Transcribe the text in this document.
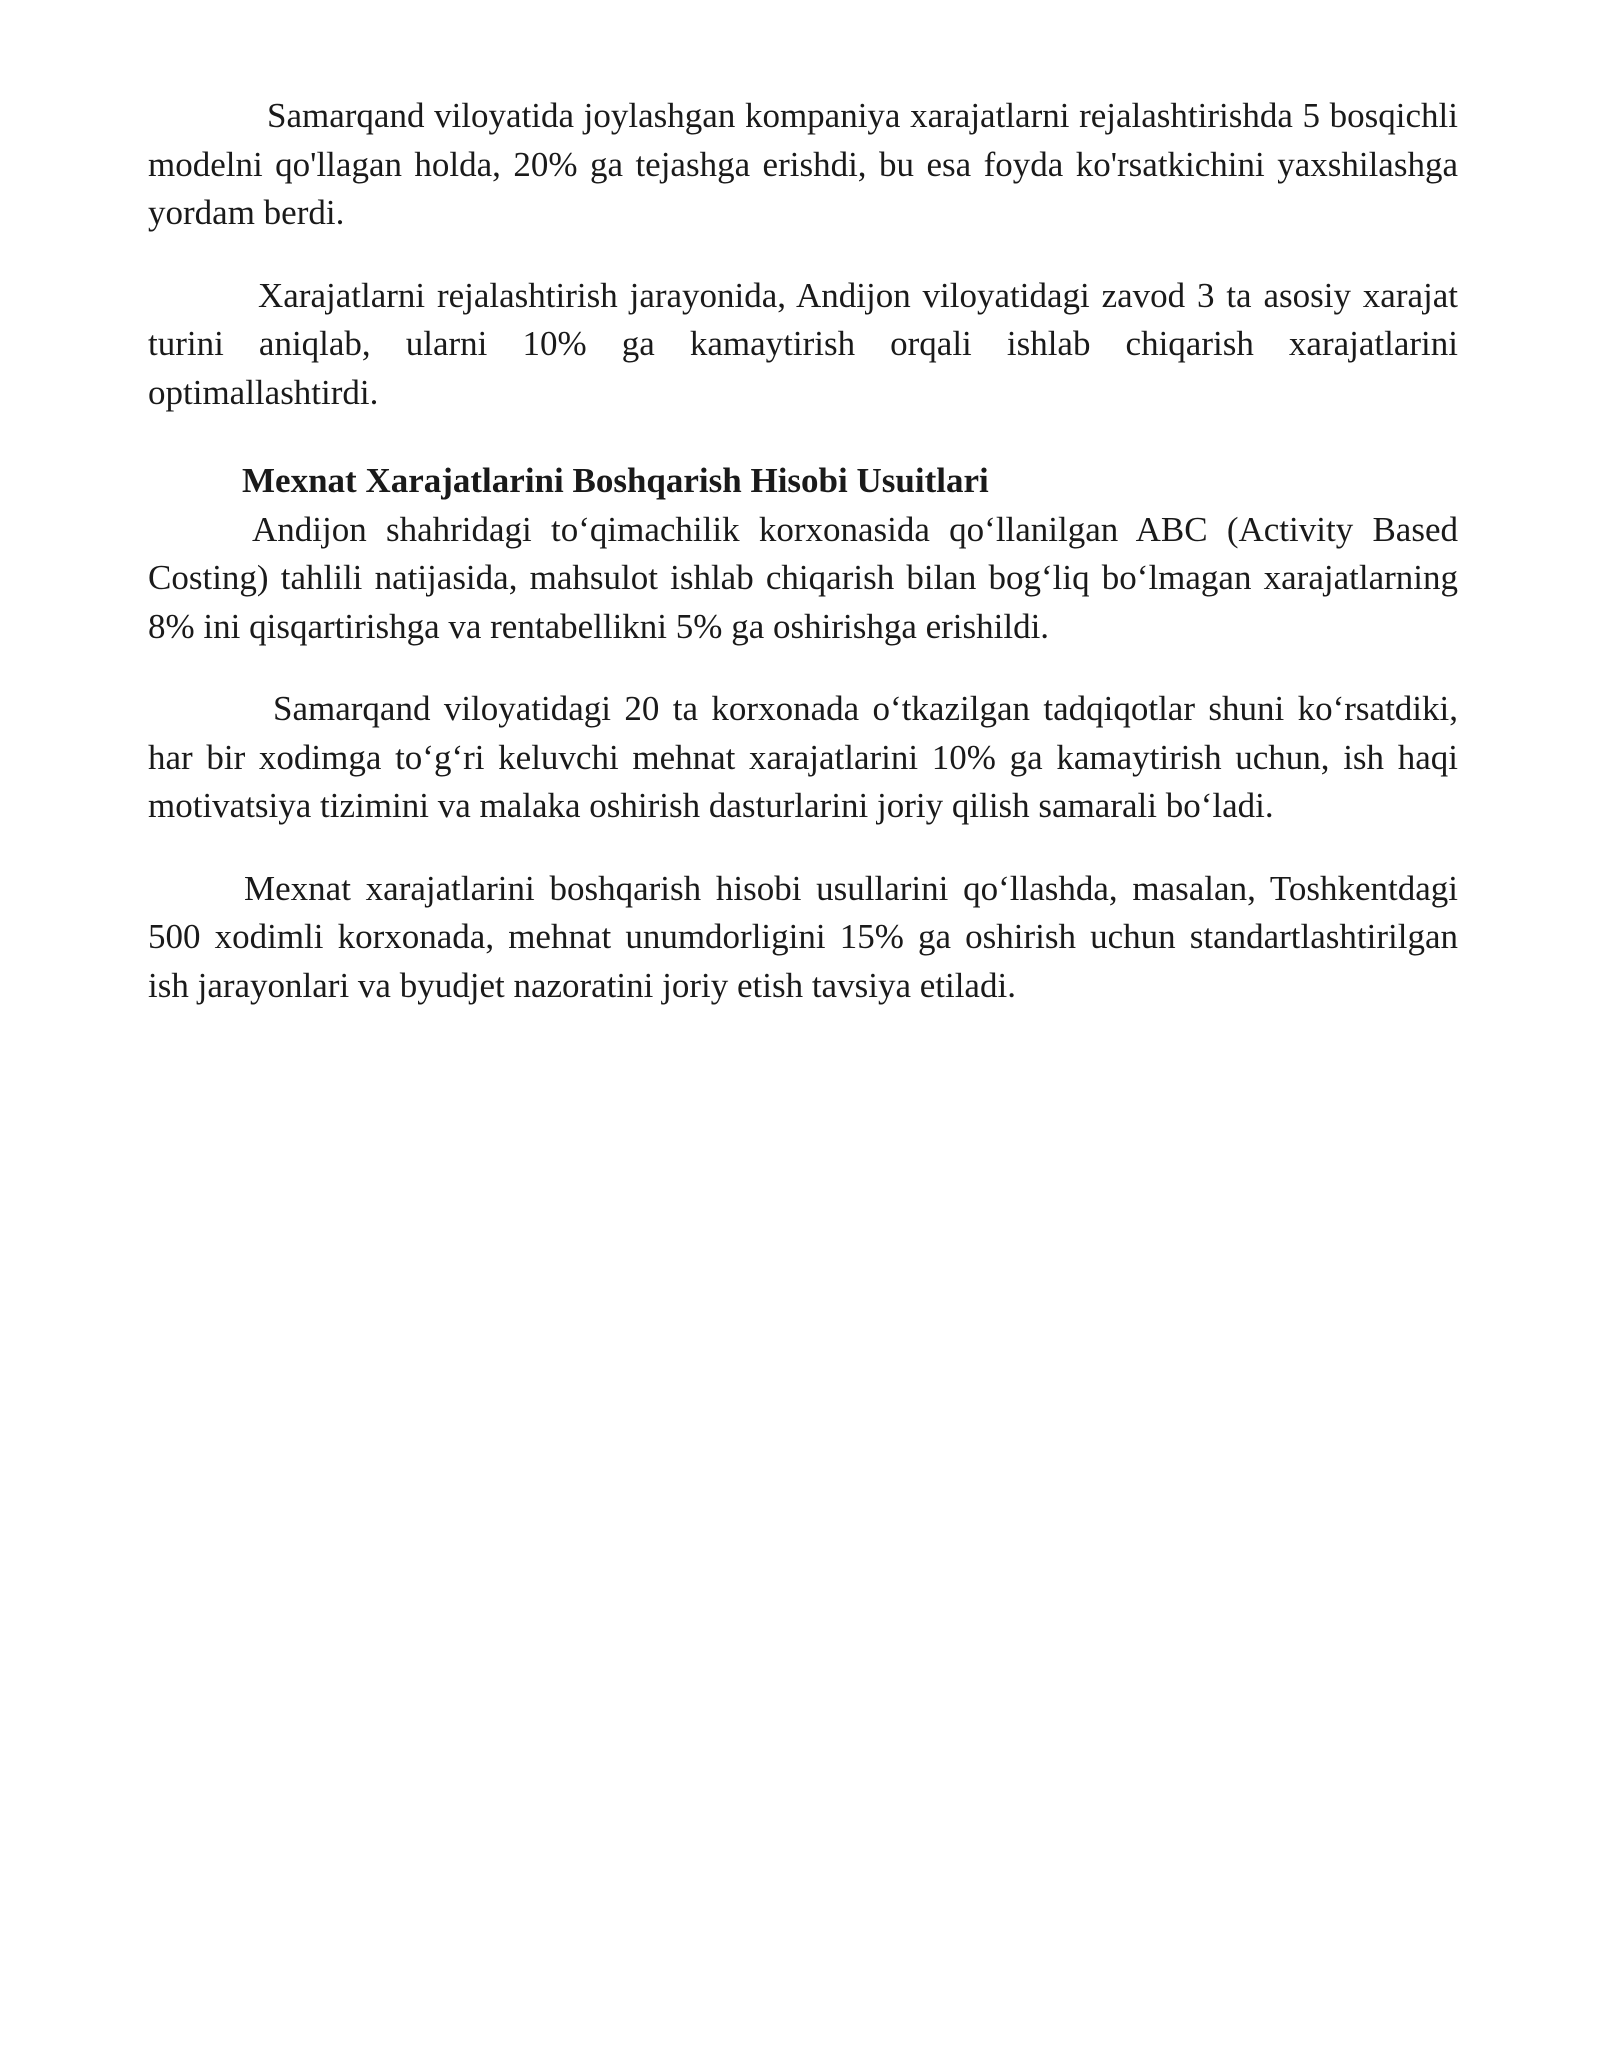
Samarqand viloyatida joylashgan kompaniya xarajatlarni rejalashtirishda 5 bosqichli modelni qo'llagan holda, 20% ga tejashga erishdi, bu esa foyda ko'rsatkichini yaxshilashga yordam berdi.

Xarajatlarni rejalashtirish jarayonida, Andijon viloyatidagi zavod 3 ta asosiy xarajat turini aniqlab, ularni 10% ga kamaytirish orqali ishlab chiqarish xarajatlarini optimallashtirdi.

Mexnat Xarajatlarini Boshqarish Hisobi Usuitlari

Andijon shahridagi to‘qimachilik korxonasida qo‘llanilgan ABC (Activity Based Costing) tahlili natijasida, mahsulot ishlab chiqarish bilan bog‘liq bo‘lmagan xarajatlarning 8% ini qisqartirishga va rentabellikni 5% ga oshirishga erishildi.

Samarqand viloyatidagi 20 ta korxonada o‘tkazilgan tadqiqotlar shuni ko‘rsatdiki, har bir xodimga to‘g‘ri keluvchi mehnat xarajatlarini 10% ga kamaytirish uchun, ish haqi motivatsiya tizimini va malaka oshirish dasturlarini joriy qilish samarali bo‘ladi.

Mexnat xarajatlarini boshqarish hisobi usullarini qo‘llashda, masalan, Toshkentdagi 500 xodimli korxonada, mehnat unumdorligini 15% ga oshirish uchun standartlashtirilgan ish jarayonlari va byudjet nazoratini joriy etish tavsiya etiladi.
